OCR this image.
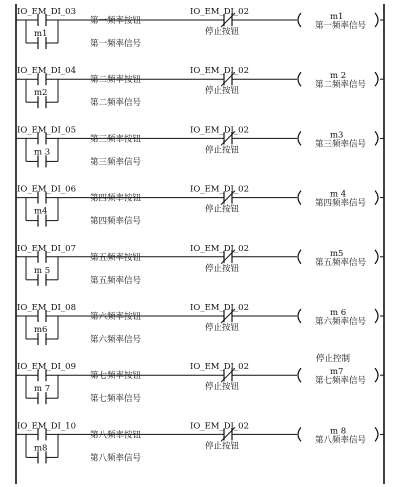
IO_EM_DI_03
第一频率按钮
IO_EM_DI_02
停止按钮
m1
第一频率信号
m1
第一频率信号
IO_EM_DI_04
第二频率按钮
IO_EM_DI_02
停止按钮
m 2
第二频率信号
m2
第二频率信号
IO_EM_DI_05
第三频率按钮
IO_EM_DI_02
停止按钮
m3
第三频率信号
m 3
第三频率信号
IO_EM_DI_06
第四频率按钮
IO_EM_DI_02
停止按钮
m 4
第四频率信号
m4
第四频率信号
IO_EM_DI_07
第五频率按钮
IO_EM_DI_02
停止按钮
m5
第五频率信号
m 5
第五频率信号
IO_EM_DI_08
第六频率按钮
IO_EM_DI_02
停止按钮
m 6
第六频率信号
m6
第六频率信号
IO_EM_DI_09
第七频率按钮
IO_EM_DI_02
停止按钮
m7
第七频率信号
停止控制
m 7
第七频率信号
IO_EM_DI_10
第八频率按钮
IO_EM_DI_02
停止按钮
m 8
第八频率信号
m8
第八频率信号
